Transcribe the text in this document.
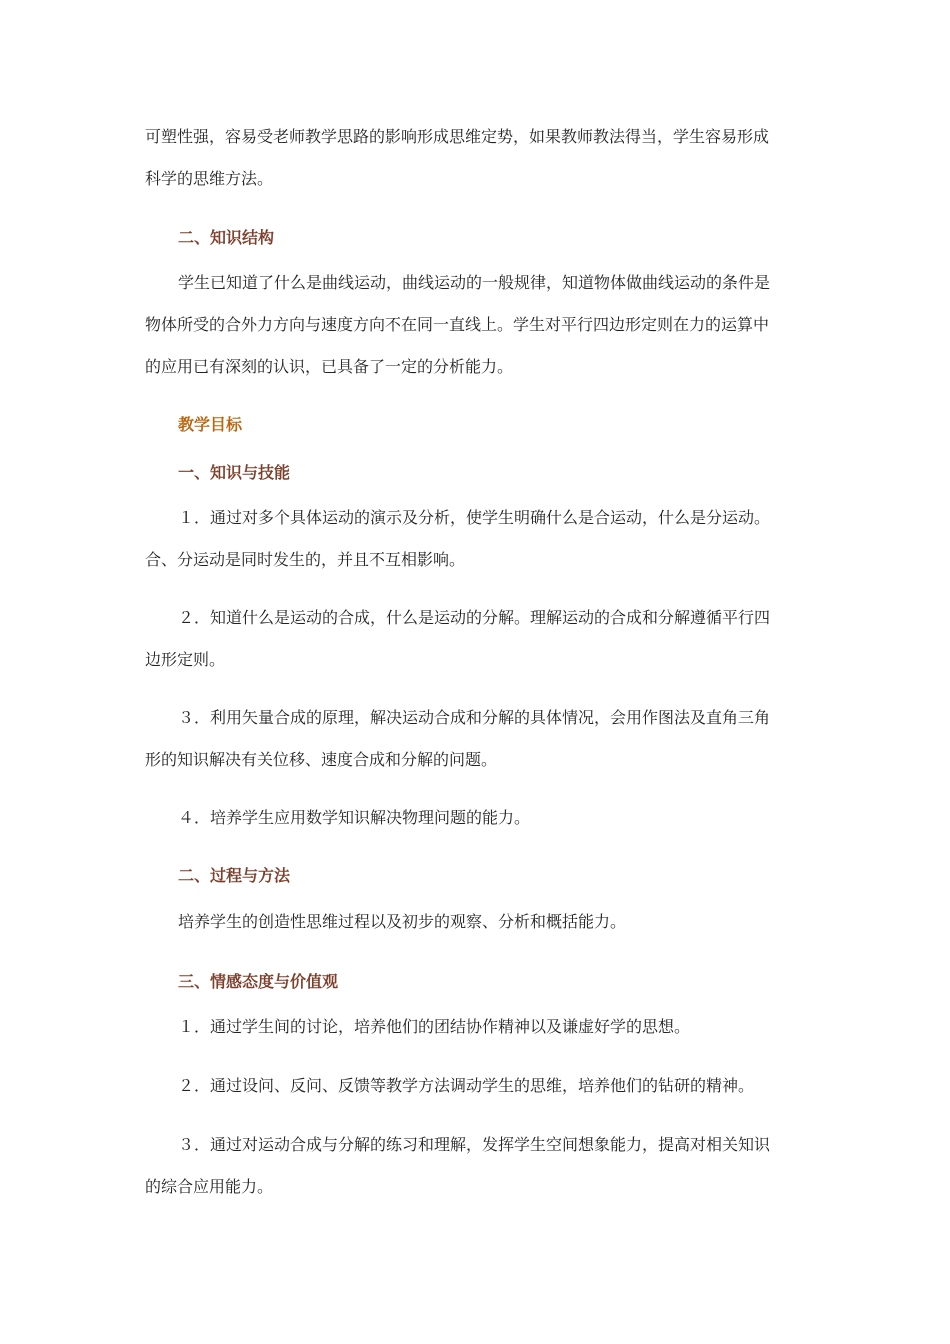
可塑性强，容易受老师教学思路的影响形成思维定势，如果教师教法得当，学生容易形成

科学的思维方法。

二、知识结构

学生已知道了什么是曲线运动，曲线运动的一般规律，知道物体做曲线运动的条件是

物体所受的合外力方向与速度方向不在同一直线上。学生对平行四边形定则在力的运算中

的应用已有深刻的认识，已具备了一定的分析能力。

教学目标

一、知识与技能

１．通过对多个具体运动的演示及分析，使学生明确什么是合运动，什么是分运动。

合、分运动是同时发生的，并且不互相影响。

２．知道什么是运动的合成，什么是运动的分解。理解运动的合成和分解遵循平行四

边形定则。

３．利用矢量合成的原理，解决运动合成和分解的具体情况，会用作图法及直角三角

形的知识解决有关位移、速度合成和分解的问题。

４．培养学生应用数学知识解决物理问题的能力。

二、过程与方法

培养学生的创造性思维过程以及初步的观察、分析和概括能力。

三、情感态度与价值观

１．通过学生间的讨论，培养他们的团结协作精神以及谦虚好学的思想。

２．通过设问、反问、反馈等教学方法调动学生的思维，培养他们的钻研的精神。

３．通过对运动合成与分解的练习和理解，发挥学生空间想象能力，提高对相关知识

的综合应用能力。
